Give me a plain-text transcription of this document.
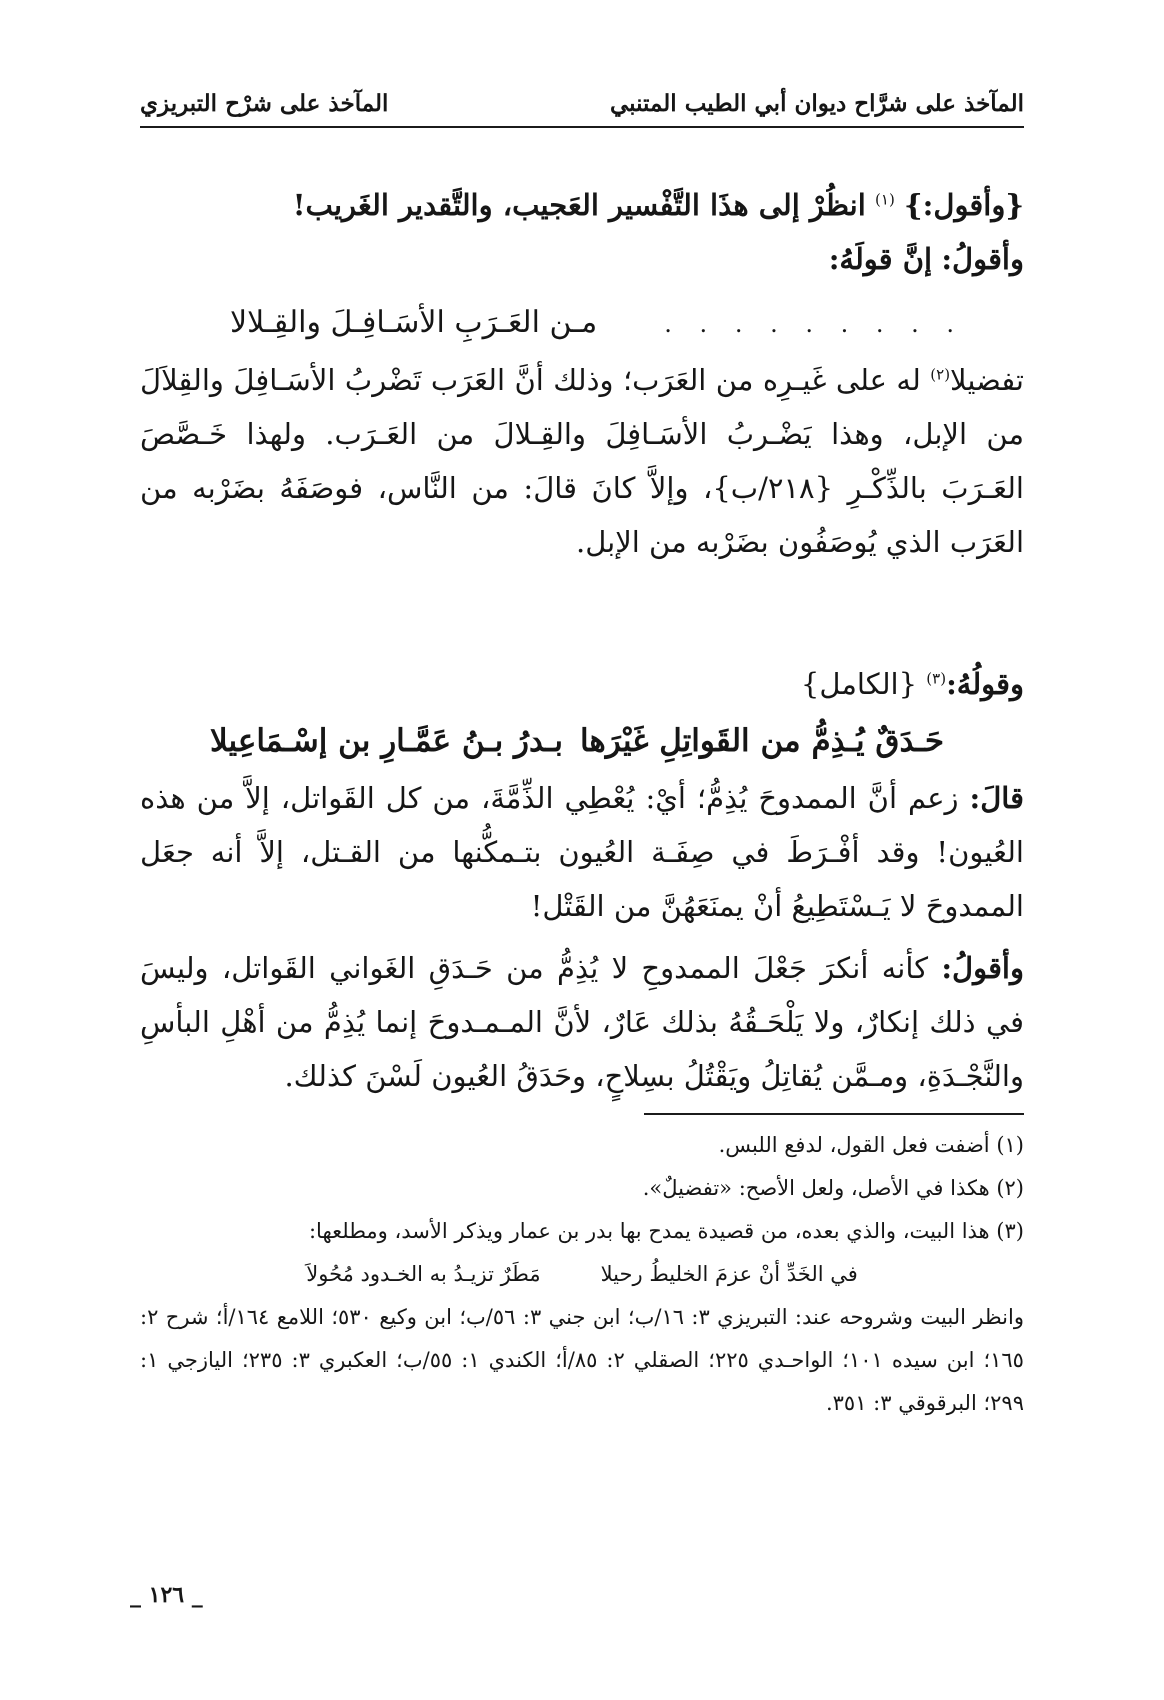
المآخذ على شرَّاح ديوان أبي الطيب المتنبي
المآخذ على شرْح التبريزي

{وأقول:} $^{(١)}$ انظُرْ إلى هذَا التَّفْسير العَجيب، والتَّقدير الغَريب!

وأقولُ: إنَّ قولَهُ:

. . . . . . . . .
مـن العَـرَبِ الأسَـافِـلَ والقِـلالا

تفضيلا$^{(٢)}$ له على غَيـرِه من العَرَب؛ وذلك أنَّ العَرَب تَضْربُ الأسَـافِلَ والقِلاَلَ من الإبل، وهذا يَضْـربُ الأسَـافِلَ والقِـلالَ من العَـرَب. ولهذا خَـصَّصَ العَـرَبَ بالذِّكْـرِ {٢١٨/ب}، وإلاَّ كانَ قالَ: من النَّاس، فوصَفَهُ بضَرْبه من العَرَب الذي يُوصَفُون بضَرْبه من الإبل.

وقولُهُ:$^{(٣)}$ {الكامل}

حَـدَقٌ يُـذِمُّ من القَواتِلِ غَيْرَها
بـدرُ بـنُ عَمَّـارِ بن إسْـمَاعِيلا

قالَ: زعم أنَّ الممدوحَ يُذِمُّ؛ أيْ: يُعْطِي الذِّمَّةَ، من كل القَواتل، إلاَّ من هذه العُيون! وقد أفْـرَطَ في صِفَـة العُيون بتـمكُّنها من القـتل، إلاَّ أنه جعَل الممدوحَ لا يَـسْتَطِيعُ أنْ يمنَعَهُنَّ من القَتْل!

وأقولُ: كأنه أنكرَ جَعْلَ الممدوحِ لا يُذِمُّ من حَـدَقِ الغَواني القَواتل، وليسَ في ذلك إنكارٌ، ولا يَلْحَـقُهُ بذلك عَارٌ، لأنَّ المـمـدوحَ إنما يُذِمُّ من أهْلِ البأسِ والنَّجْـدَةِ، ومـمَّن يُقاتِلُ ويَقْتُلُ بسِلاحٍ، وحَدَقُ العُيون لَسْنَ كذلك.

(١) أضفت فعل القول، لدفع اللبس.

(٢) هكذا في الأصل، ولعل الأصح: «تفضيلٌ».

(٣) هذا البيت، والذي بعده، من قصيدة يمدح بها بدر بن عمار ويذكر الأسد، ومطلعها:

في الخَدِّ أنْ عزمَ الخليطُ رحيلا
مَطَرٌ تزيـدُ به الخـدود مُحُولاَ

وانظر البيت وشروحه عند: التبريزي ٣: ١٦/ب؛ ابن جني ٣: ٥٦/ب؛ ابن وكيع ٥٣٠؛ اللامع ١٦٤/أ؛ شرح ٢: ١٦٥؛ ابن سيده ١٠١؛ الواحـدي ٢٢٥؛ الصقلي ٢: ٨٥/أ؛ الكندي ١: ٥٥/ب؛ العكبري ٣: ٢٣٥؛ اليازجي ١: ٢٩٩؛ البرقوقي ٣: ٣٥١.

_ ١٢٦ _
